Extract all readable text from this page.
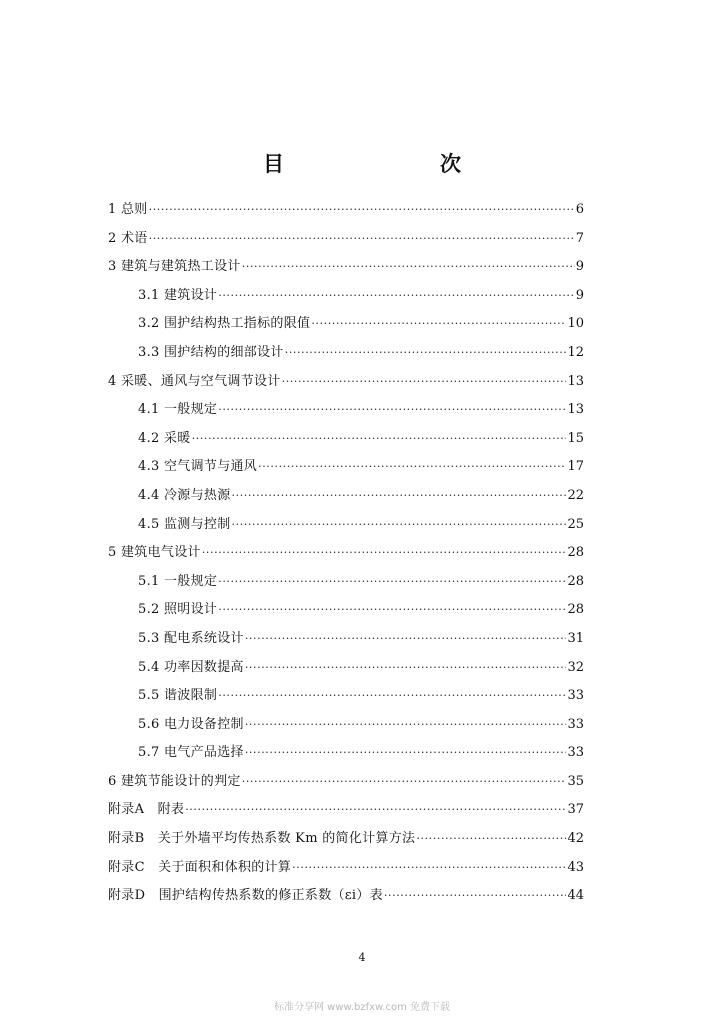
目　　次
1 总则 ·····	6
2 术语 ·····	7
3 建筑与建筑热工设计 ·····	9
3.1 建筑设计 ·····	9
3.2 围护结构热工指标的限值 ·····	10
3.3 围护结构的细部设计 ·····	12
4 采暖、通风与空气调节设计 ·····	13
4.1 一般规定 ·····	13
4.2 采暖 ·····	15
4.3 空气调节与通风 ·····	17
4.4 冷源与热源 ·····	22
4.5 监测与控制 ·····	25
5 建筑电气设计 ·····	28
5.1 一般规定 ·····	28
5.2 照明设计 ·····	28
5.3 配电系统设计 ·····	31
5.4 功率因数提高 ·····	32
5.5 谐波限制 ·····	33
5.6 电力设备控制 ·····	33
5.7 电气产品选择 ·····	33
6 建筑节能设计的判定 ·····	35
附录A　附表 ·····	37
附录B　关于外墙平均传热系数 Km 的简化计算方法 ·····	42
附录C　关于面积和体积的计算 ·····	43
附录D　围护结构传热系数的修正系数（εi）表 ·····	44
4
标准分享网 www.bzfxw.com 免费下载
